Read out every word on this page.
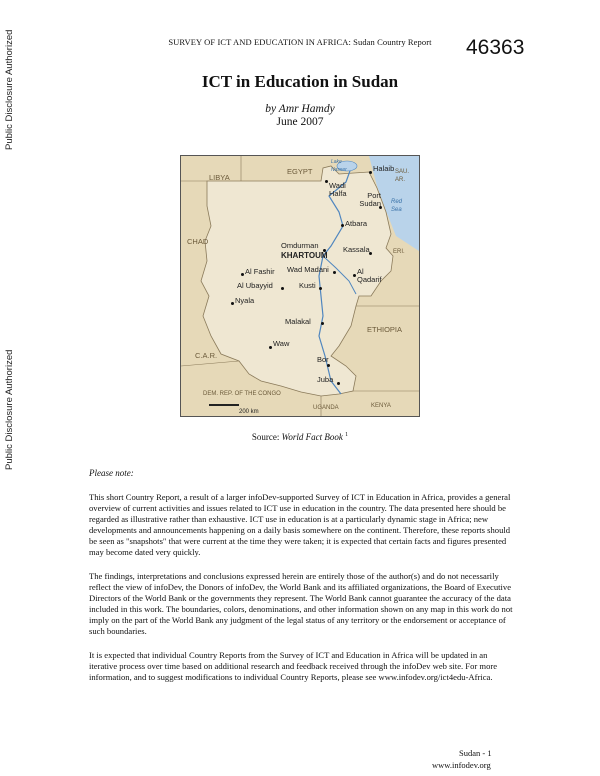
Public Disclosure Authorized
Public Disclosure Authorized
SURVEY OF ICT AND EDUCATION IN AFRICA: Sudan Country Report	46363
ICT in Education in Sudan
by Amr Hamdy
June 2007
LIBYA
EGYPT
CHAD
C.A.R.
ETHIOPIA
ERI.
SAU. AR.
DEM. REP. OF THE CONGO
UGANDA	KENYA
Red Sea
Lake Nasser	Halaib
Wadi Halfa	Port Sudan
Atbara
Omdurman
KHARTOUM
Kassala
Al Fashir Wad Madani	Al Qadarif
Al Ubayyid	Kusti
Nyala
Malakal
Waw
Bor
Juba
200 km
Source: World Fact Book $^1$
Please note:
This short Country Report, a result of a larger infoDev-supported Survey of ICT in Education in Africa, provides a general overview of current activities and issues related to ICT use in education in the country. The data presented here should be regarded as illustrative rather than exhaustive. ICT use in education is at a particularly dynamic stage in Africa; new developments and announcements happening on a daily basis somewhere on the continent. Therefore, these reports should be seen as "snapshots" that were current at the time they were taken; it is expected that certain facts and figures presented may become dated very quickly.
The findings, interpretations and conclusions expressed herein are entirely those of the author(s) and do not necessarily reflect the view of infoDev, the Donors of infoDev, the World Bank and its affiliated organizations, the Board of Executive Directors of the World Bank or the governments they represent. The World Bank cannot guarantee the accuracy of the data included in this work. The boundaries, colors, denominations, and other information shown on any map in this work do not imply on the part of the World Bank any judgment of the legal status of any territory or the endorsement or acceptance of such boundaries.
It is expected that individual Country Reports from the Survey of ICT and Education in Africa will be updated in an iterative process over time based on additional research and feedback received through the infoDev web site. For more information, and to suggest modifications to individual Country Reports, please see www.infodev.org/ict4edu-Africa.
Sudan - 1
www.infodev.org
